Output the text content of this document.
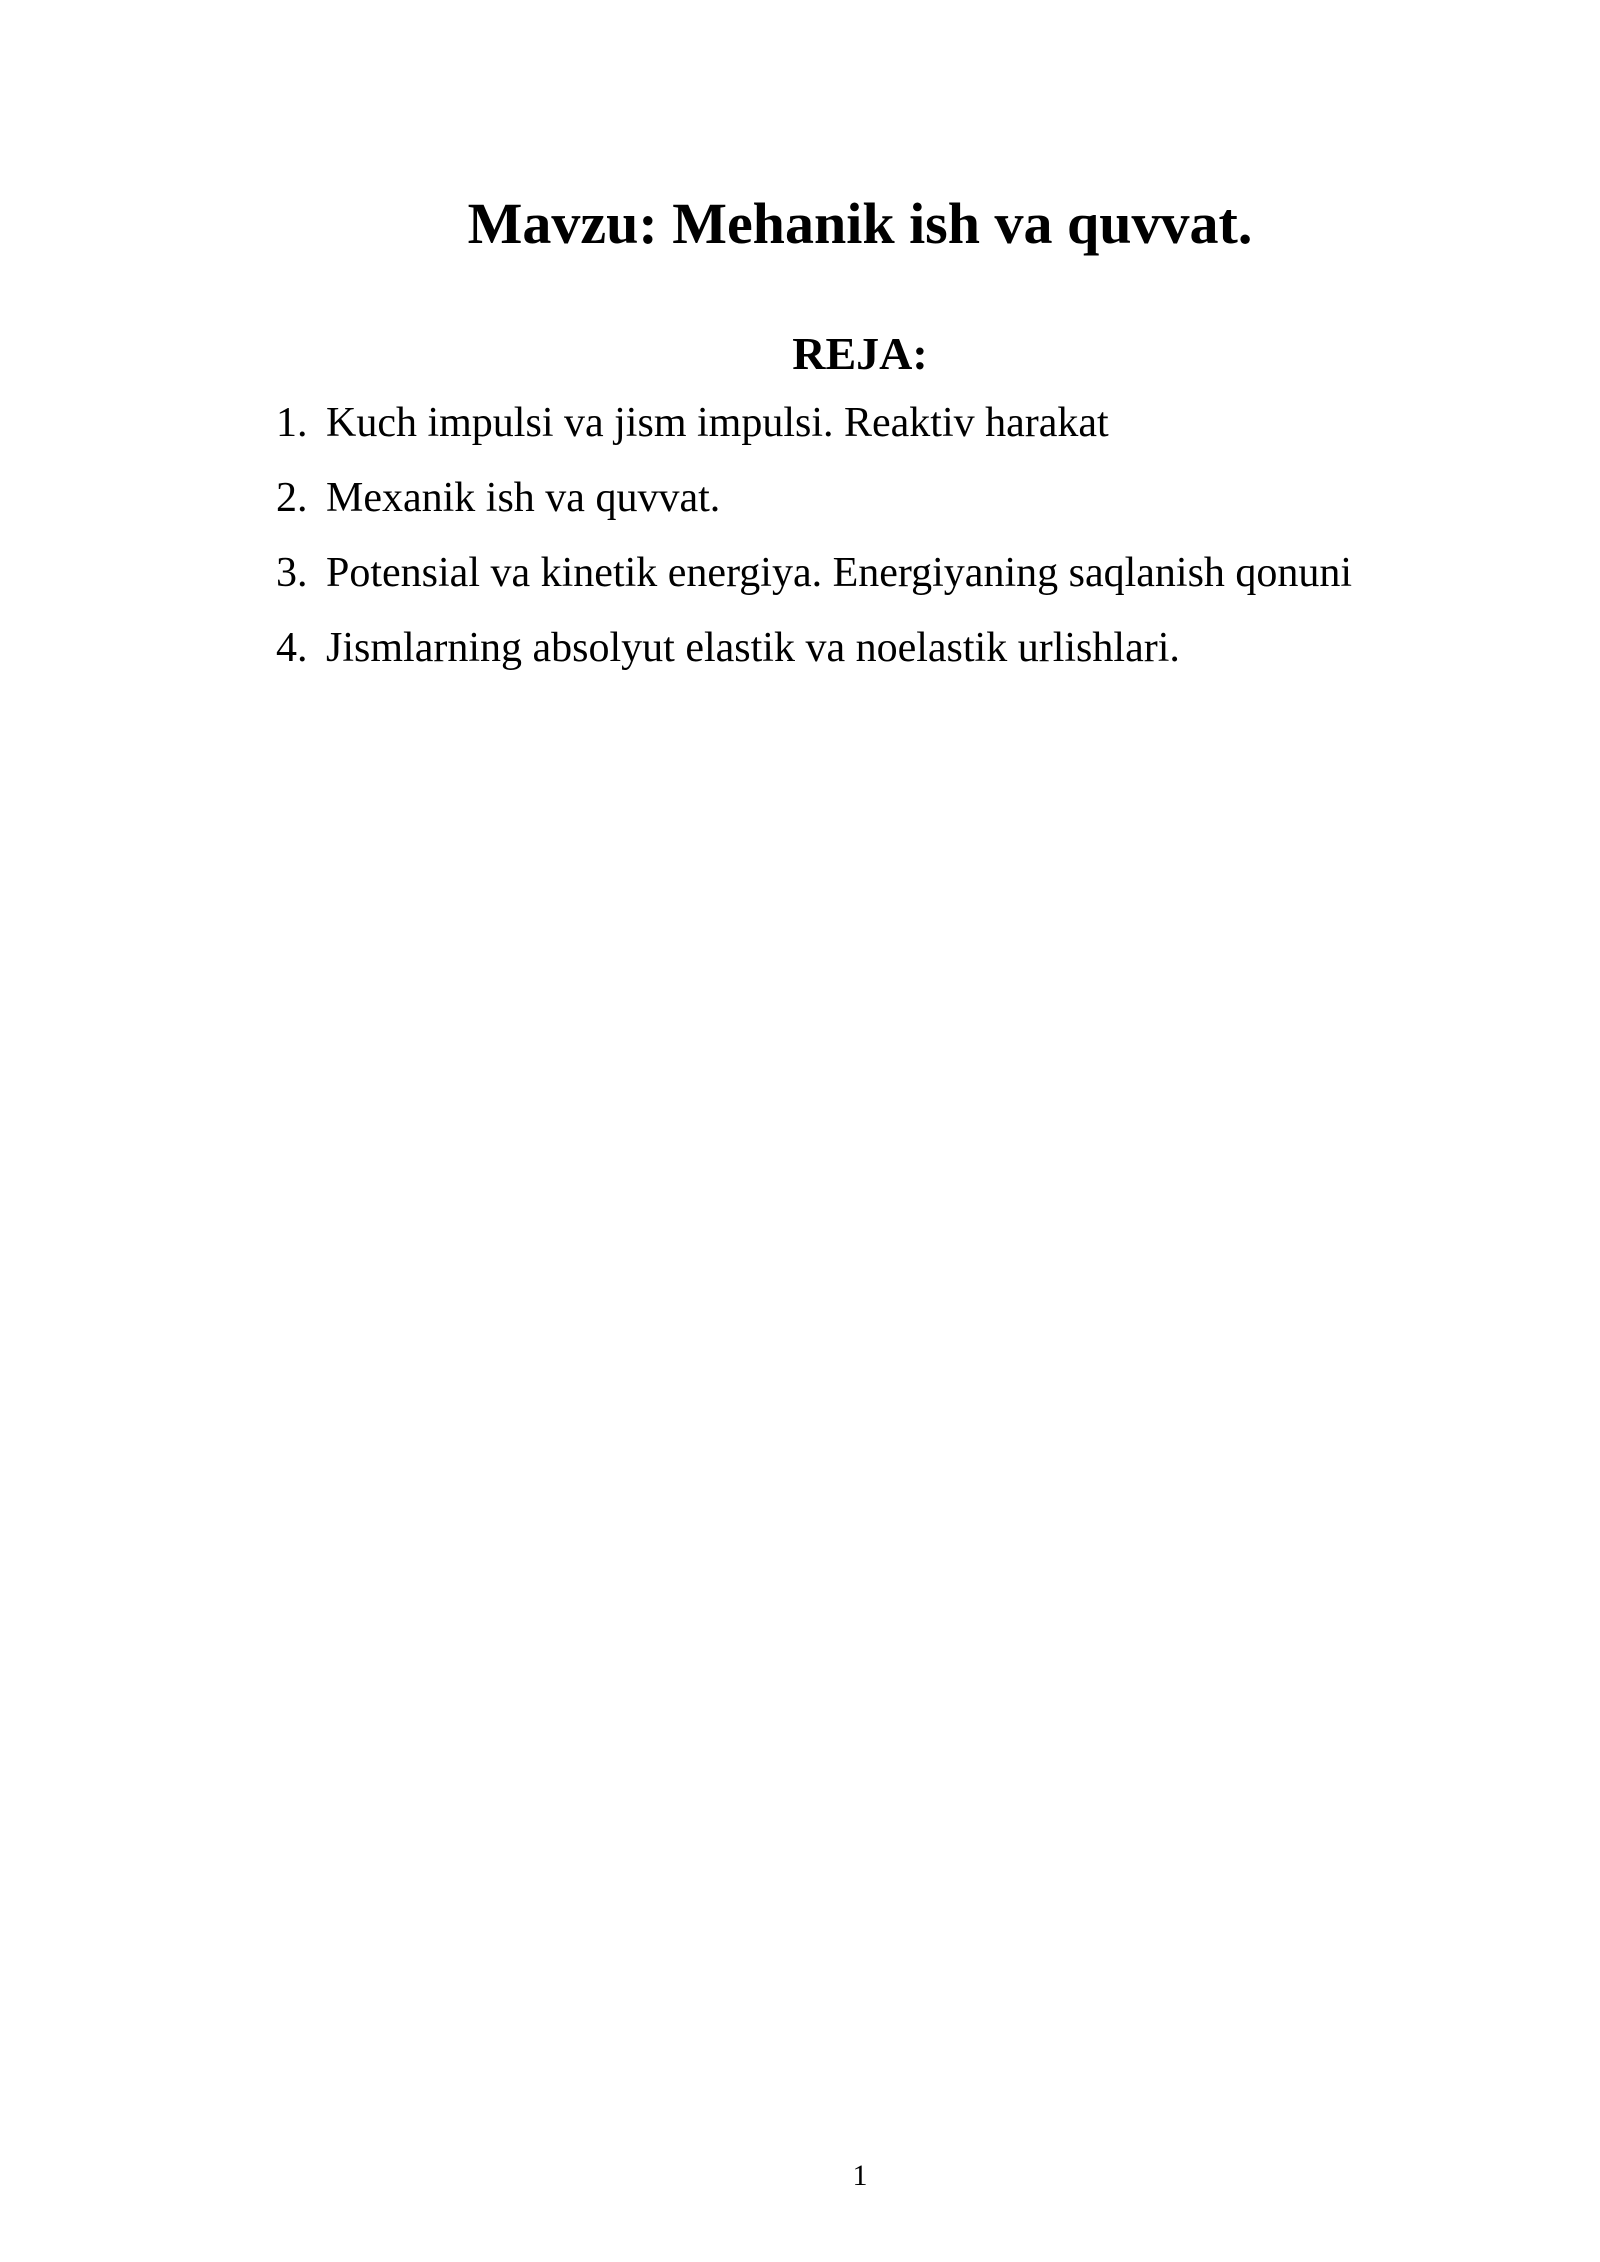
Mavzu: Mehanik ish va quvvat.
REJA:
1. Kuch impulsi va jism impulsi. Reaktiv harakat
2. Mexanik ish va quvvat.
3. Potensial va kinetik energiya. Energiyaning saqlanish qonuni
4. Jismlarning absolyut elastik va noelastik urlishlari.
1
